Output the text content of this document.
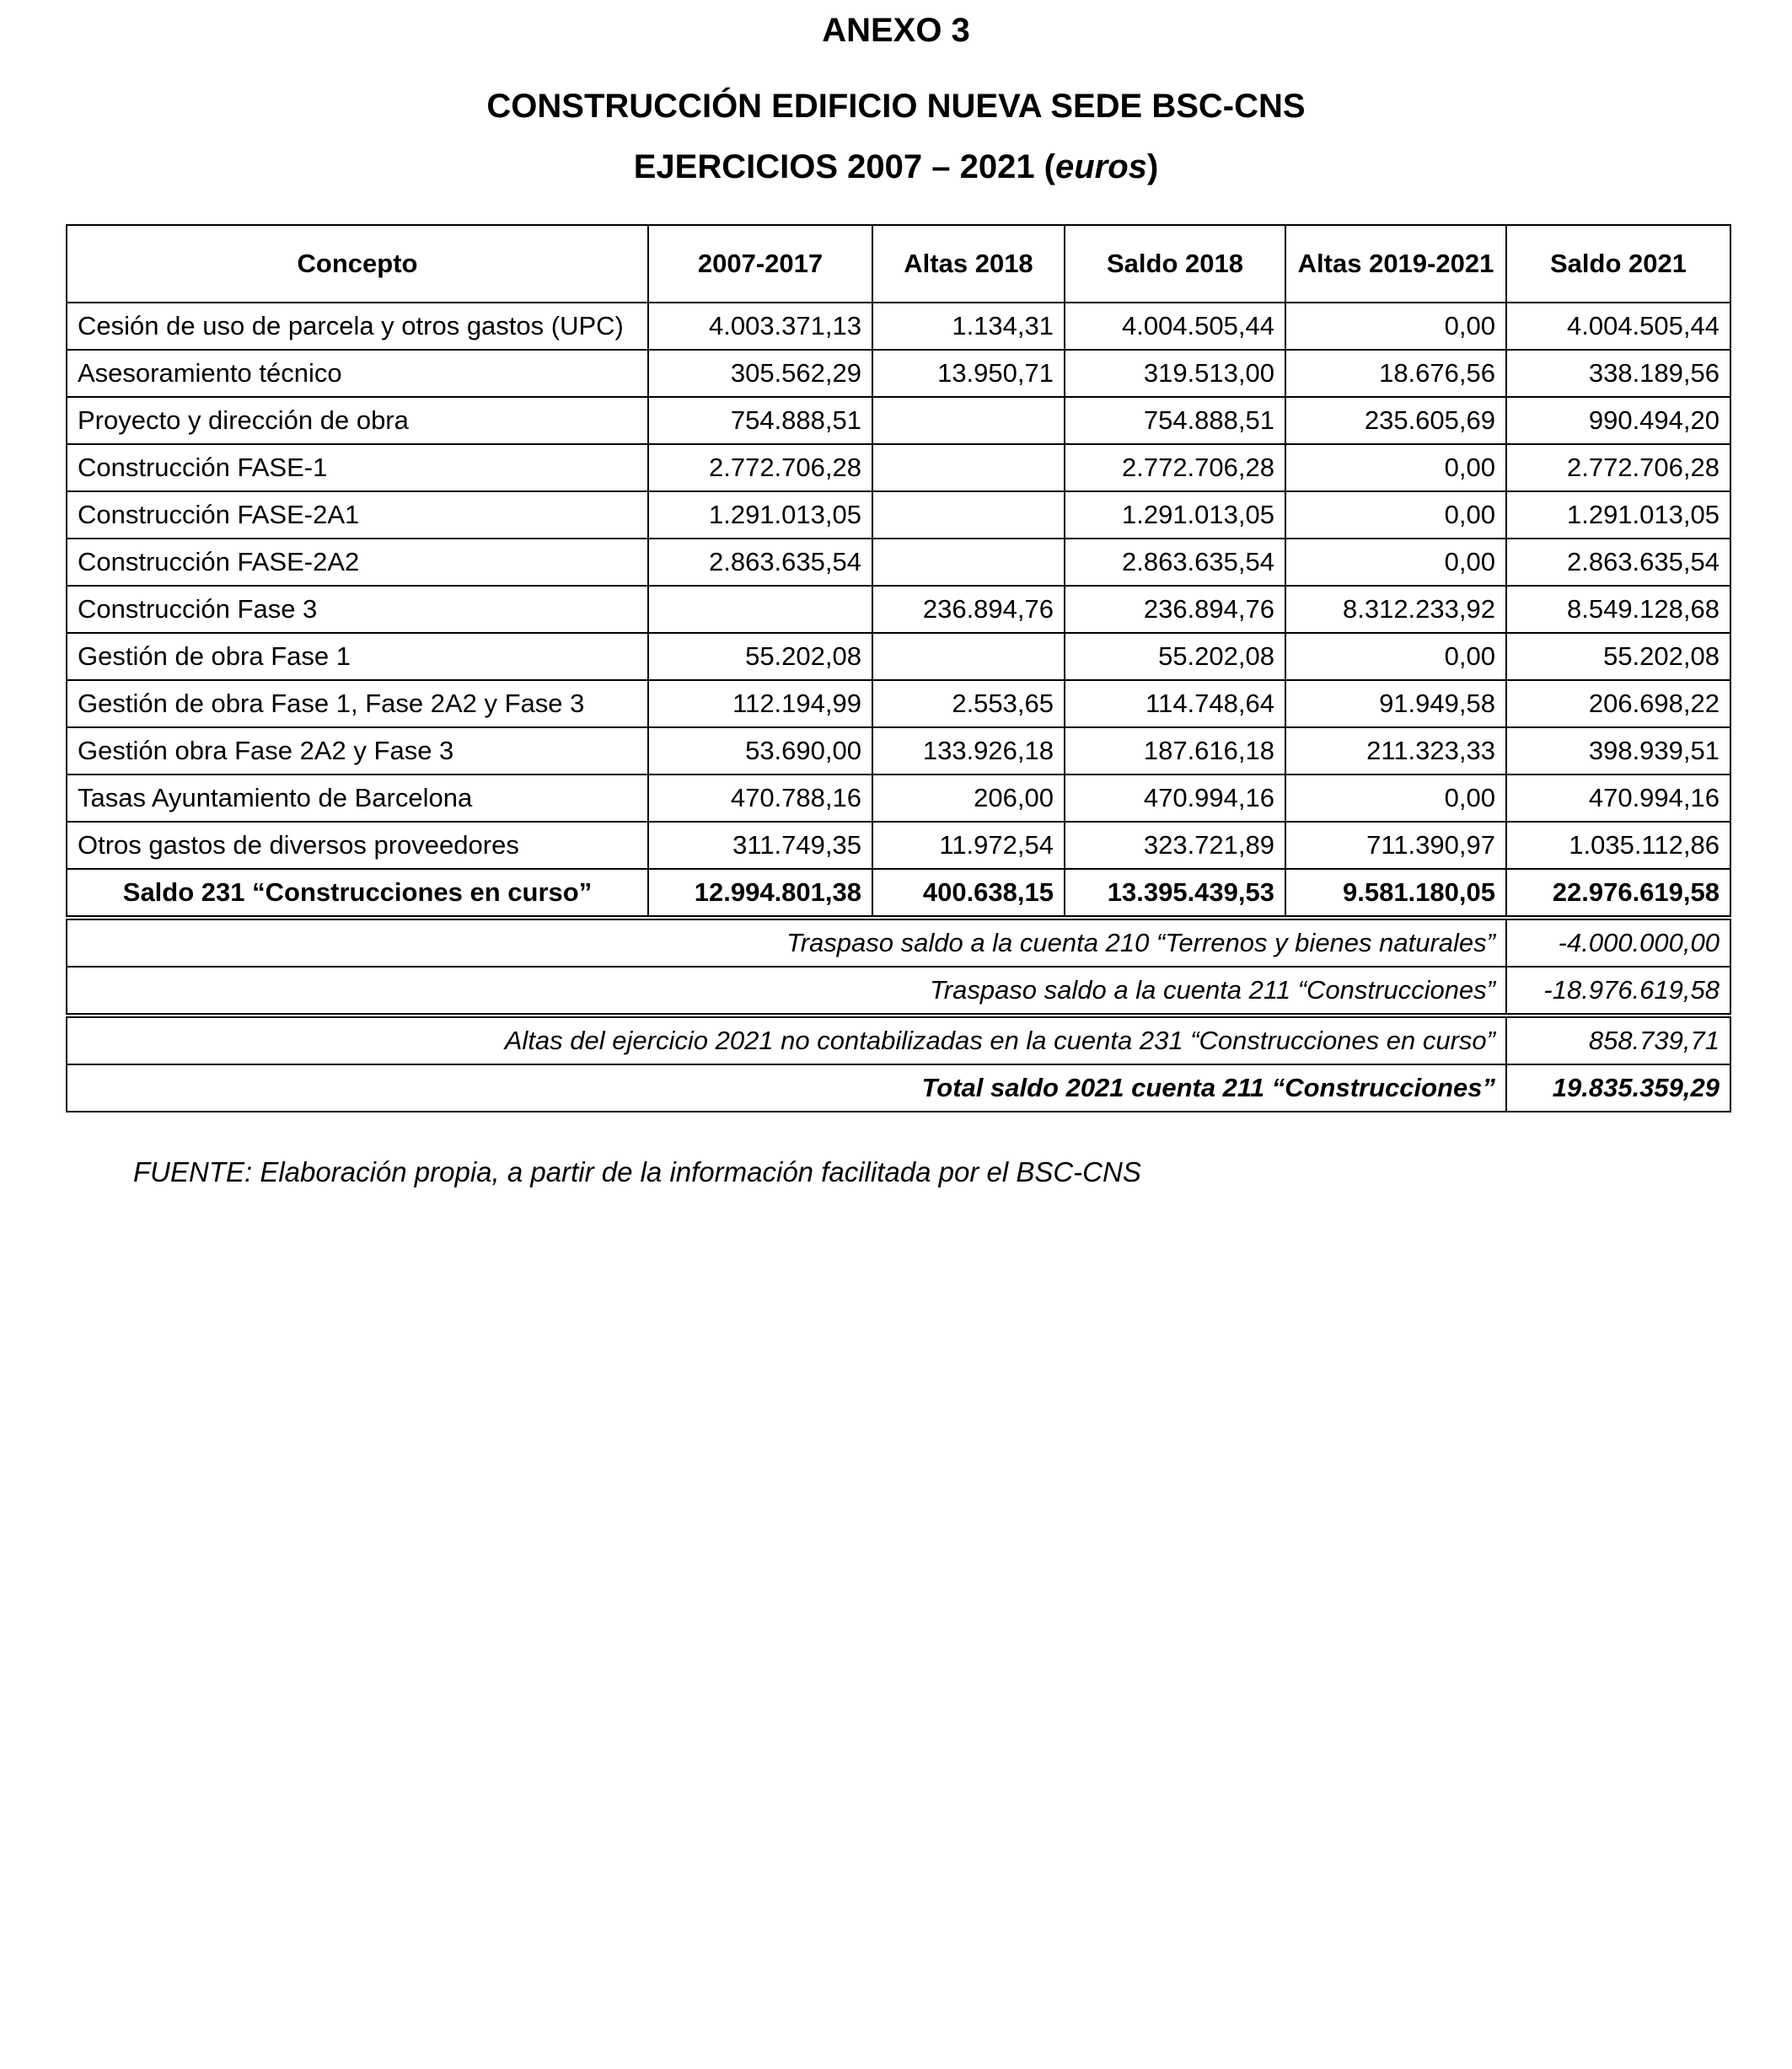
ANEXO 3
CONSTRUCCIÓN EDIFICIO NUEVA SEDE BSC-CNS
EJERCICIOS 2007 – 2021 (euros)
Concepto	2007-2017	Altas 2018	Saldo 2018	Altas 2019-2021	Saldo 2021
Cesión de uso de parcela y otros gastos (UPC)	4.003.371,13	1.134,31	4.004.505,44	0,00	4.004.505,44
Asesoramiento técnico	305.562,29	13.950,71	319.513,00	18.676,56	338.189,56
Proyecto y dirección de obra	754.888,51		754.888,51	235.605,69	990.494,20
Construcción FASE-1	2.772.706,28		2.772.706,28	0,00	2.772.706,28
Construcción FASE-2A1	1.291.013,05		1.291.013,05	0,00	1.291.013,05
Construcción FASE-2A2	2.863.635,54		2.863.635,54	0,00	2.863.635,54
Construcción Fase 3		236.894,76	236.894,76	8.312.233,92	8.549.128,68
Gestión de obra Fase 1	55.202,08		55.202,08	0,00	55.202,08
Gestión de obra Fase 1, Fase 2A2 y Fase 3	112.194,99	2.553,65	114.748,64	91.949,58	206.698,22
Gestión obra Fase 2A2 y Fase 3	53.690,00	133.926,18	187.616,18	211.323,33	398.939,51
Tasas Ayuntamiento de Barcelona	470.788,16	206,00	470.994,16	0,00	470.994,16
Otros gastos de diversos proveedores	311.749,35	11.972,54	323.721,89	711.390,97	1.035.112,86
Saldo 231 “Construcciones en curso”	12.994.801,38	400.638,15	13.395.439,53	9.581.180,05	22.976.619,58
Traspaso saldo a la cuenta 210 “Terrenos y bienes naturales”					-4.000.000,00
Traspaso saldo a la cuenta 211 “Construcciones”					-18.976.619,58
Altas del ejercicio 2021 no contabilizadas en la cuenta 231 “Construcciones en curso”					858.739,71
Total saldo 2021 cuenta 211 “Construcciones”					19.835.359,29

FUENTE: Elaboración propia, a partir de la información facilitada por el BSC-CNS
